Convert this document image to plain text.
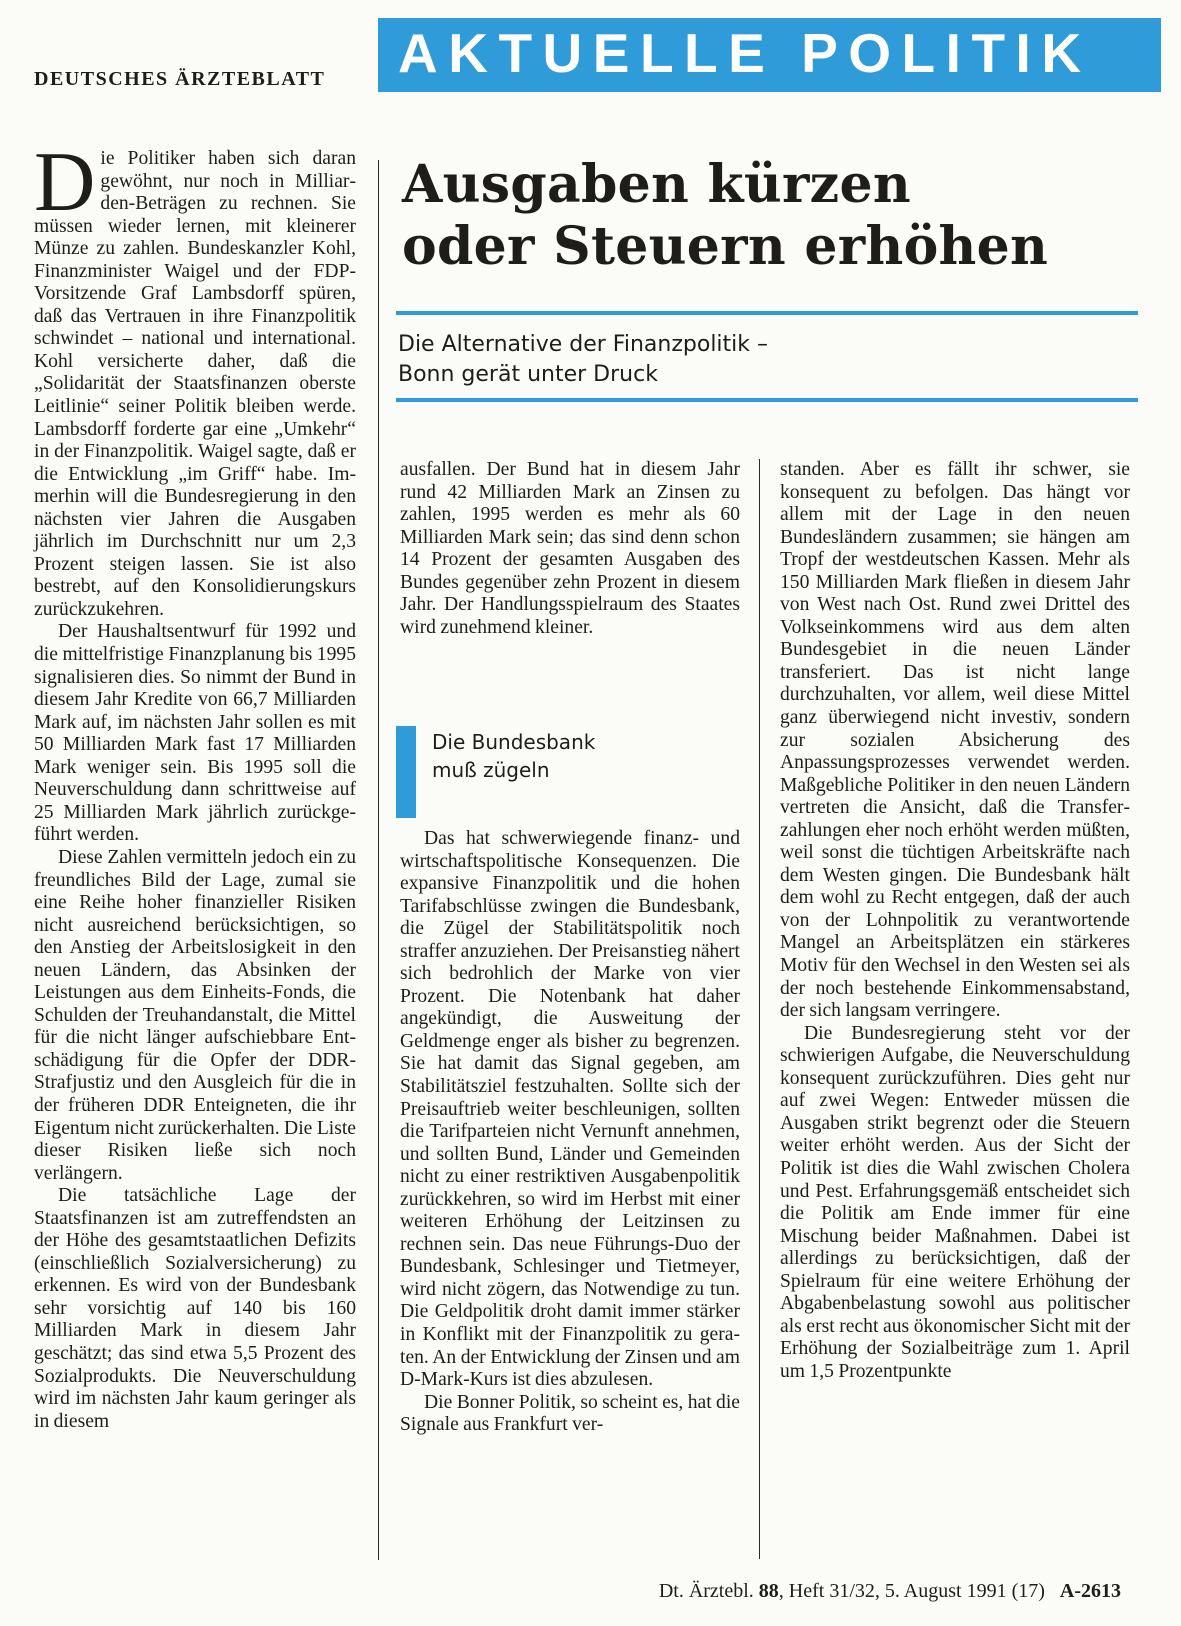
DEUTSCHES ÄRZTEBLATT AKTUELLE POLITIK
Ausgaben kürzen
oder Steuern erhöhen
Die Alternative der Finanzpolitik –
Bonn gerät unter Druck

Die Politiker haben sich daran gewöhnt, nur noch in Milliarden-Beträgen zu rechnen. Sie müssen wieder lernen, mit kleinerer Münze zu zahlen. Bundeskanzler Kohl, Finanzminister Waigel und der FDP-Vorsitzende Graf Lambsdorff spüren, daß das Vertrauen in ihre Finanzpolitik schwindet – national und international. Kohl versicherte daher, daß die „Solidarität der Staatsfinanzen oberste Leitlinie“ seiner Politik bleiben werde. Lambsdorff forderte gar eine „Umkehr“ in der Finanzpolitik. Waigel sagte, daß er die Entwicklung „im Griff“ habe. Immerhin will die Bundesregierung in den nächsten vier Jahren die Ausgaben jährlich im Durchschnitt nur um 2,3 Prozent steigen lassen. Sie ist also bestrebt, auf den Konsolidierungskurs zurückzukehren.

Der Haushaltsentwurf für 1992 und die mittelfristige Finanzplanung bis 1995 signalisieren dies. So nimmt der Bund in diesem Jahr Kredite von 66,7 Milliarden Mark auf, im nächsten Jahr sollen es mit 50 Milliarden Mark fast 17 Milliarden Mark weniger sein. Bis 1995 soll die Neuverschuldung dann schrittweise auf 25 Milliarden Mark jährlich zurückgeführt werden.

Diese Zahlen vermitteln jedoch ein zu freundliches Bild der Lage, zumal sie eine Reihe hoher finanzieller Risiken nicht ausreichend berücksichtigen, so den Anstieg der Arbeitslosigkeit in den neuen Ländern, das Absinken der Leistungen aus dem Einheits-Fonds, die Schulden der Treuhandanstalt, die Mittel für die nicht länger aufschiebbare Entschädigung für die Opfer der DDR-Strafjustiz und den Ausgleich für die in der früheren DDR Enteigneten, die ihr Eigentum nicht zurückerhalten. Die Liste dieser Risiken ließe sich noch verlängern.

Die tatsächliche Lage der Staatsfinanzen ist am zutreffendsten an der Höhe des gesamtstaatlichen Defizits (einschließlich Sozialversicherung) zu erkennen. Es wird von der Bundesbank sehr vorsichtig auf 140 bis 160 Milliarden Mark in diesem Jahr geschätzt; das sind etwa 5,5 Prozent des Sozialprodukts. Die Neuverschuldung wird im nächsten Jahr kaum geringer als in diesem

ausfallen. Der Bund hat in diesem Jahr rund 42 Milliarden Mark an Zinsen zu zahlen, 1995 werden es mehr als 60 Milliarden Mark sein; das sind denn schon 14 Prozent der gesamten Ausgaben des Bundes gegenüber zehn Prozent in diesem Jahr. Der Handlungsspielraum des Staates wird zunehmend kleiner.

Die Bundesbank
muß zügeln

Das hat schwerwiegende finanz- und wirtschaftspolitische Konsequenzen. Die expansive Finanzpolitik und die hohen Tarifabschlüsse zwingen die Bundesbank, die Zügel der Stabilitätspolitik noch straffer anzuziehen. Der Preisanstieg nähert sich bedrohlich der Marke von vier Prozent. Die Notenbank hat daher angekündigt, die Ausweitung der Geldmenge enger als bisher zu begrenzen. Sie hat damit das Signal gegeben, am Stabilitätsziel festzuhalten. Sollte sich der Preisauftrieb weiter beschleunigen, sollten die Tarifparteien nicht Vernunft annehmen, und sollten Bund, Länder und Gemeinden nicht zu einer restriktiven Ausgabenpolitik zurückkehren, so wird im Herbst mit einer weiteren Erhöhung der Leitzinsen zu rechnen sein. Das neue Führungs-Duo der Bundesbank, Schlesinger und Tietmeyer, wird nicht zögern, das Notwendige zu tun. Die Geldpolitik droht damit immer stärker in Konflikt mit der Finanzpolitik zu geraten. An der Entwicklung der Zinsen und am D-Mark-Kurs ist dies abzulesen.

Die Bonner Politik, so scheint es, hat die Signale aus Frankfurt ver-

standen. Aber es fällt ihr schwer, sie konsequent zu befolgen. Das hängt vor allem mit der Lage in den neuen Bundesländern zusammen; sie hängen am Tropf der westdeutschen Kassen. Mehr als 150 Milliarden Mark fließen in diesem Jahr von West nach Ost. Rund zwei Drittel des Volkseinkommens wird aus dem alten Bundesgebiet in die neuen Länder transferiert. Das ist nicht lange durchzuhalten, vor allem, weil diese Mittel ganz überwiegend nicht investiv, sondern zur sozialen Absicherung des Anpassungsprozesses verwendet werden. Maßgebliche Politiker in den neuen Ländern vertreten die Ansicht, daß die Transferzahlungen eher noch erhöht werden müßten, weil sonst die tüchtigen Arbeitskräfte nach dem Westen gingen. Die Bundesbank hält dem wohl zu Recht entgegen, daß der auch von der Lohnpolitik zu verantwortende Mangel an Arbeitsplätzen ein stärkeres Motiv für den Wechsel in den Westen sei als der noch bestehende Einkommensabstand, der sich langsam verringere.

Die Bundesregierung steht vor der schwierigen Aufgabe, die Neuverschuldung konsequent zurückzuführen. Dies geht nur auf zwei Wegen: Entweder müssen die Ausgaben strikt begrenzt oder die Steuern weiter erhöht werden. Aus der Sicht der Politik ist dies die Wahl zwischen Cholera und Pest. Erfahrungsgemäß entscheidet sich die Politik am Ende immer für eine Mischung beider Maßnahmen. Dabei ist allerdings zu berücksichtigen, daß der Spielraum für eine weitere Erhöhung der Abgabenbelastung sowohl aus politischer als erst recht aus ökonomischer Sicht mit der Erhöhung der Sozialbeiträge zum 1. April um 1,5 Prozentpunkte

Dt. Ärztebl. 88, Heft 31/32, 5. August 1991 (17) A-2613
